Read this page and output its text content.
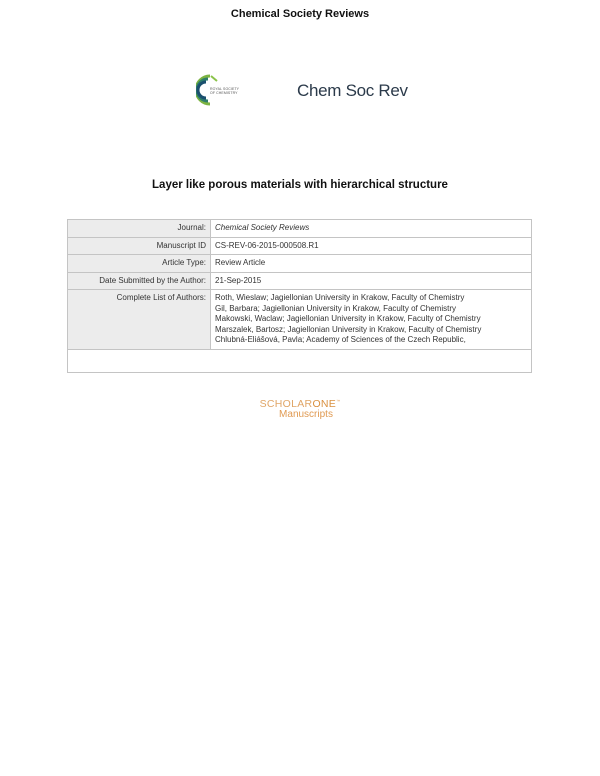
Chemical Society Reviews
ROYAL SOCIETY
OF CHEMISTRY	Chem Soc Rev
Layer like porous materials with hierarchical structure
Journal:	Chemical Society Reviews
Manuscript ID	CS-REV-06-2015-000508.R1
Article Type:	Review Article
Date Submitted by the Author:	21-Sep-2015
Complete List of Authors:	Roth, Wieslaw; Jagiellonian University in Krakow, Faculty of Chemistry
Gil, Barbara; Jagiellonian University in Krakow, Faculty of Chemistry
Makowski, Waclaw; Jagiellonian University in Krakow, Faculty of Chemistry
Marszalek, Bartosz; Jagiellonian University in Krakow, Faculty of Chemistry
Chlubná-Eliášová, Pavla; Academy of Sciences of the Czech Republic,

SCHOLARONE™
Manuscripts
